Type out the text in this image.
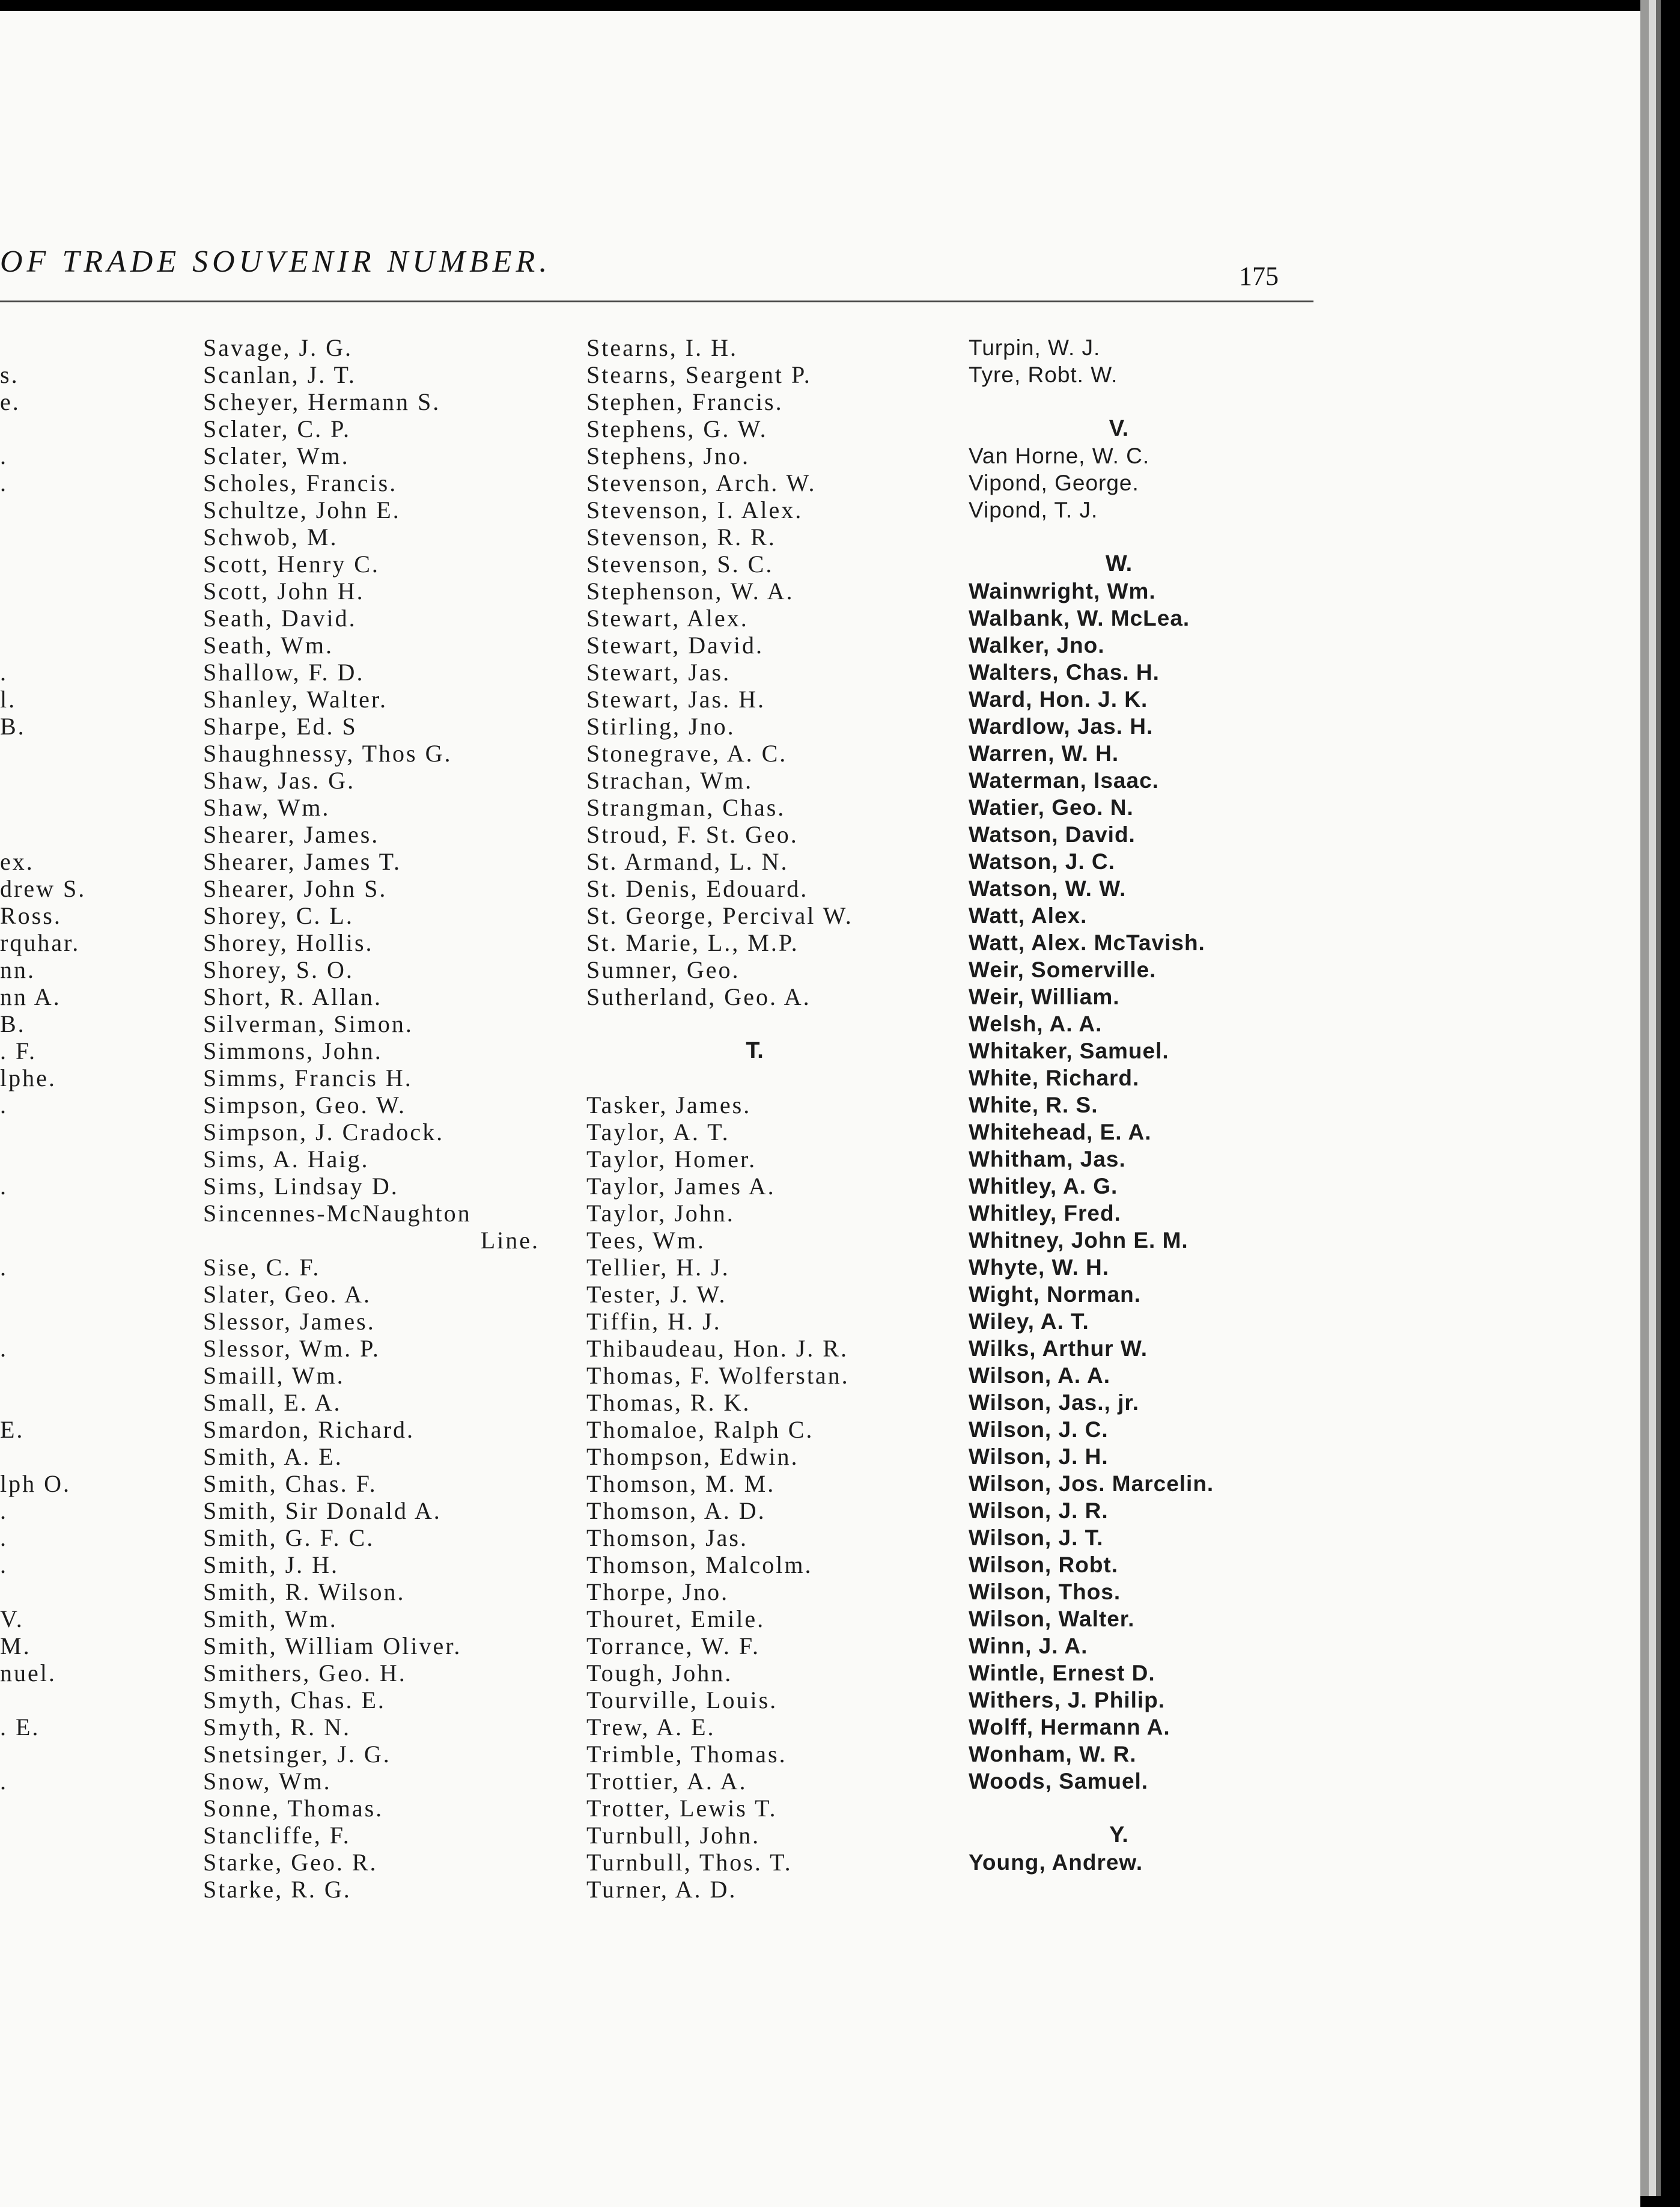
OF TRADE SOUVENIR NUMBER.	175
s.
e.
.
.
.
l.
B.
ex.
drew S.
Ross.
rquhar.
nn.
nn A.
B.
. F.
lphe.
.
.
.
.
E.
lph O.
.
.
.
V.
M.
nuel.
. E.
.
Savage, J. G.
Scanlan, J. T.
Scheyer, Hermann S.
Sclater, C. P.
Sclater, Wm.
Scholes, Francis.
Schultze, John E.
Schwob, M.
Scott, Henry C.
Scott, John H.
Seath, David.
Seath, Wm.
Shallow, F. D.
Shanley, Walter.
Sharpe, Ed. S
Shaughnessy, Thos G.
Shaw, Jas. G.
Shaw, Wm.
Shearer, James.
Shearer, James T.
Shearer, John S.
Shorey, C. L.
Shorey, Hollis.
Shorey, S. O.
Short, R. Allan.
Silverman, Simon.
Simmons, John.
Simms, Francis H.
Simpson, Geo. W.
Simpson, J. Cradock.
Sims, A. Haig.
Sims, Lindsay D.
Sincennes-McNaughton
Line.
Sise, C. F.
Slater, Geo. A.
Slessor, James.
Slessor, Wm. P.
Smaill, Wm.
Small, E. A.
Smardon, Richard.
Smith, A. E.
Smith, Chas. F.
Smith, Sir Donald A.
Smith, G. F. C.
Smith, J. H.
Smith, R. Wilson.
Smith, Wm.
Smith, William Oliver.
Smithers, Geo. H.
Smyth, Chas. E.
Smyth, R. N.
Snetsinger, J. G.
Snow, Wm.
Sonne, Thomas.
Stancliffe, F.
Starke, Geo. R.
Starke, R. G.
Stearns, I. H.
Stearns, Seargent P.
Stephen, Francis.
Stephens, G. W.
Stephens, Jno.
Stevenson, Arch. W.
Stevenson, I. Alex.
Stevenson, R. R.
Stevenson, S. C.
Stephenson, W. A.
Stewart, Alex.
Stewart, David.
Stewart, Jas.
Stewart, Jas. H.
Stirling, Jno.
Stonegrave, A. C.
Strachan, Wm.
Strangman, Chas.
Stroud, F. St. Geo.
St. Armand, L. N.
St. Denis, Edouard.
St. George, Percival W.
St. Marie, L., M.P.
Sumner, Geo.
Sutherland, Geo. A.
T.
Tasker, James.
Taylor, A. T.
Taylor, Homer.
Taylor, James A.
Taylor, John.
Tees, Wm.
Tellier, H. J.
Tester, J. W.
Tiffin, H. J.
Thibaudeau, Hon. J. R.
Thomas, F. Wolferstan.
Thomas, R. K.
Thomaloe, Ralph C.
Thompson, Edwin.
Thomson, M. M.
Thomson, A. D.
Thomson, Jas.
Thomson, Malcolm.
Thorpe, Jno.
Thouret, Emile.
Torrance, W. F.
Tough, John.
Tourville, Louis.
Trew, A. E.
Trimble, Thomas.
Trottier, A. A.
Trotter, Lewis T.
Turnbull, John.
Turnbull, Thos. T.
Turner, A. D.
Turpin, W. J.
Tyre, Robt. W.
V.
Van Horne, W. C.
Vipond, George.
Vipond, T. J.
W.
Wainwright, Wm.
Walbank, W. McLea.
Walker, Jno.
Walters, Chas. H.
Ward, Hon. J. K.
Wardlow, Jas. H.
Warren, W. H.
Waterman, Isaac.
Watier, Geo. N.
Watson, David.
Watson, J. C.
Watson, W. W.
Watt, Alex.
Watt, Alex. McTavish.
Weir, Somerville.
Weir, William.
Welsh, A. A.
Whitaker, Samuel.
White, Richard.
White, R. S.
Whitehead, E. A.
Whitham, Jas.
Whitley, A. G.
Whitley, Fred.
Whitney, John E. M.
Whyte, W. H.
Wight, Norman.
Wiley, A. T.
Wilks, Arthur W.
Wilson, A. A.
Wilson, Jas., jr.
Wilson, J. C.
Wilson, J. H.
Wilson, Jos. Marcelin.
Wilson, J. R.
Wilson, J. T.
Wilson, Robt.
Wilson, Thos.
Wilson, Walter.
Winn, J. A.
Wintle, Ernest D.
Withers, J. Philip.
Wolff, Hermann A.
Wonham, W. R.
Woods, Samuel.
Y.
Young, Andrew.
